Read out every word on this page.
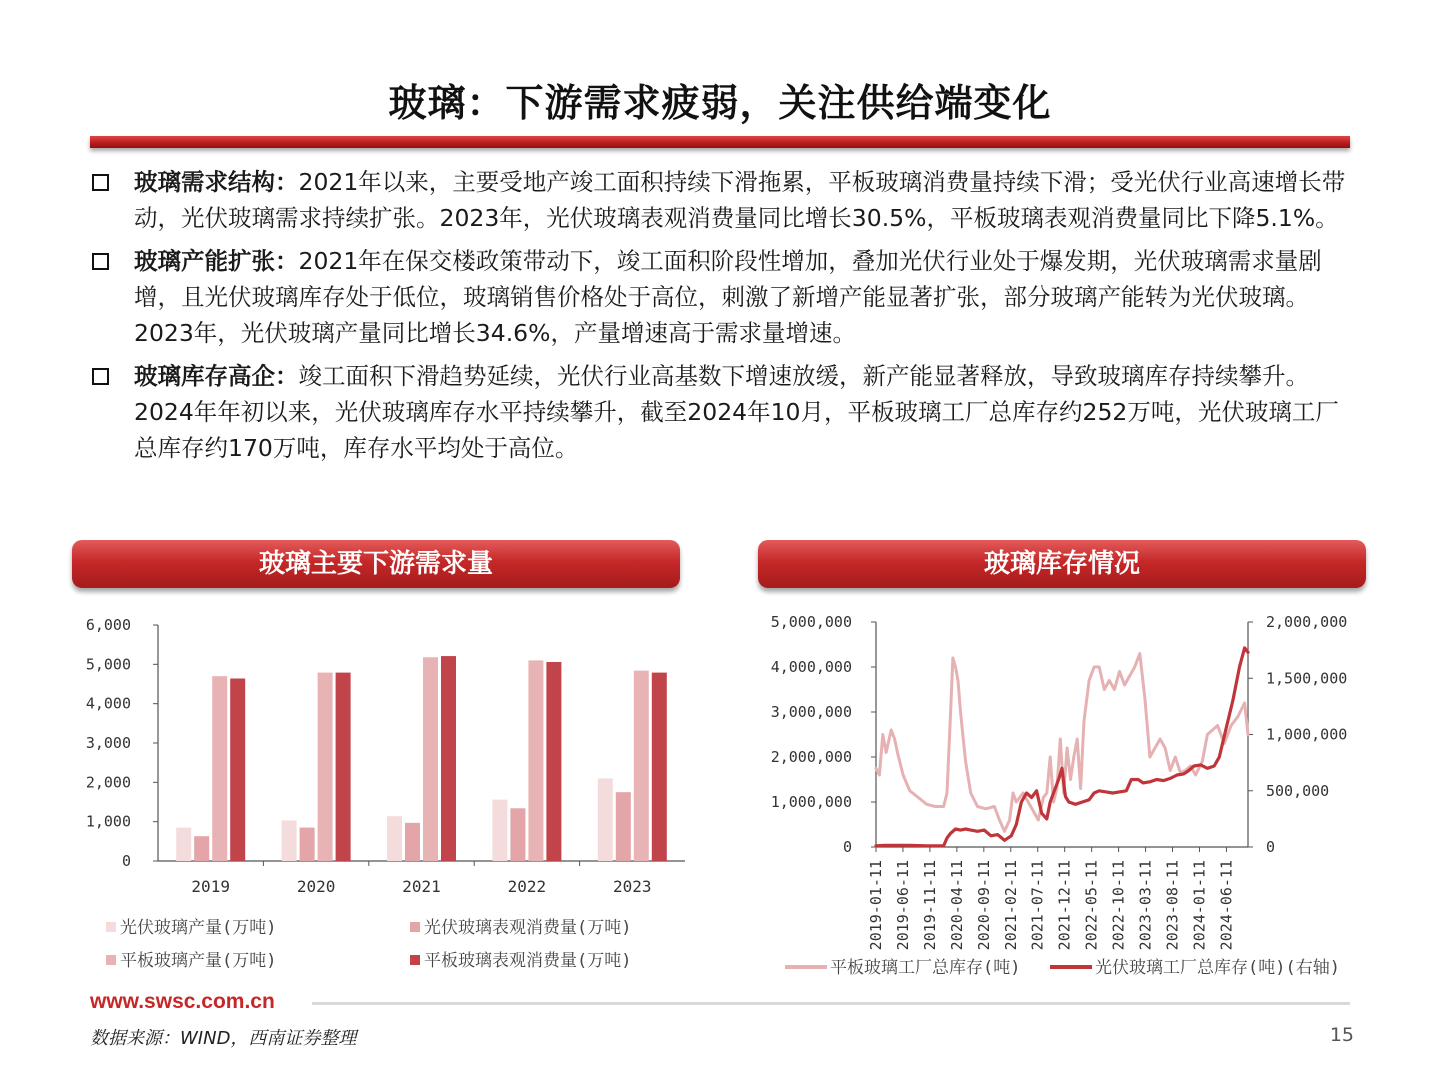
玻璃：下游需求疲弱，关注供给端变化
玻璃需求结构：2021年以来，主要受地产竣工面积持续下滑拖累，平板玻璃消费量持续下滑；受光伏行业高速增长带动，光伏玻璃需求持续扩张。2023年，光伏玻璃表观消费量同比增长30.5%，平板玻璃表观消费量同比下降5.1%。
玻璃产能扩张：2021年在保交楼政策带动下，竣工面积阶段性增加，叠加光伏行业处于爆发期，光伏玻璃需求量剧增，且光伏玻璃库存处于低位，玻璃销售价格处于高位，刺激了新增产能显著扩张，部分玻璃产能转为光伏玻璃。2023年，光伏玻璃产量同比增长34.6%，产量增速高于需求量增速。
玻璃库存高企：竣工面积下滑趋势延续，光伏行业高基数下增速放缓，新产能显著释放，导致玻璃库存持续攀升。2024年年初以来，光伏玻璃库存水平持续攀升，截至2024年10月，平板玻璃工厂总库存约252万吨，光伏玻璃工厂总库存约170万吨，库存水平均处于高位。
玻璃主要下游需求量	玻璃库存情况
0
1,000
2,000
3,000
4,000
5,000
6,000
2019	2020	2021	2022	2023
光伏玻璃产量(万吨)	光伏玻璃表观消费量(万吨)
平板玻璃产量(万吨)	平板玻璃表观消费量(万吨)
0
1,000,000
2,000,000
3,000,000
4,000,000
5,000,000
0
500,000
1,000,000
1,500,000
2,000,000
2019-01-11 2019-06-11 2019-11-11 2020-04-11 2020-09-11 2021-02-11 2021-07-11 2021-12-11 2022-05-11 2022-10-11 2023-03-11 2023-08-11 2024-01-11 2024-06-11
平板玻璃工厂总库存(吨)	光伏玻璃工厂总库存(吨)(右轴)
www.swsc.com.cn
数据来源：WIND，西南证券整理	15
